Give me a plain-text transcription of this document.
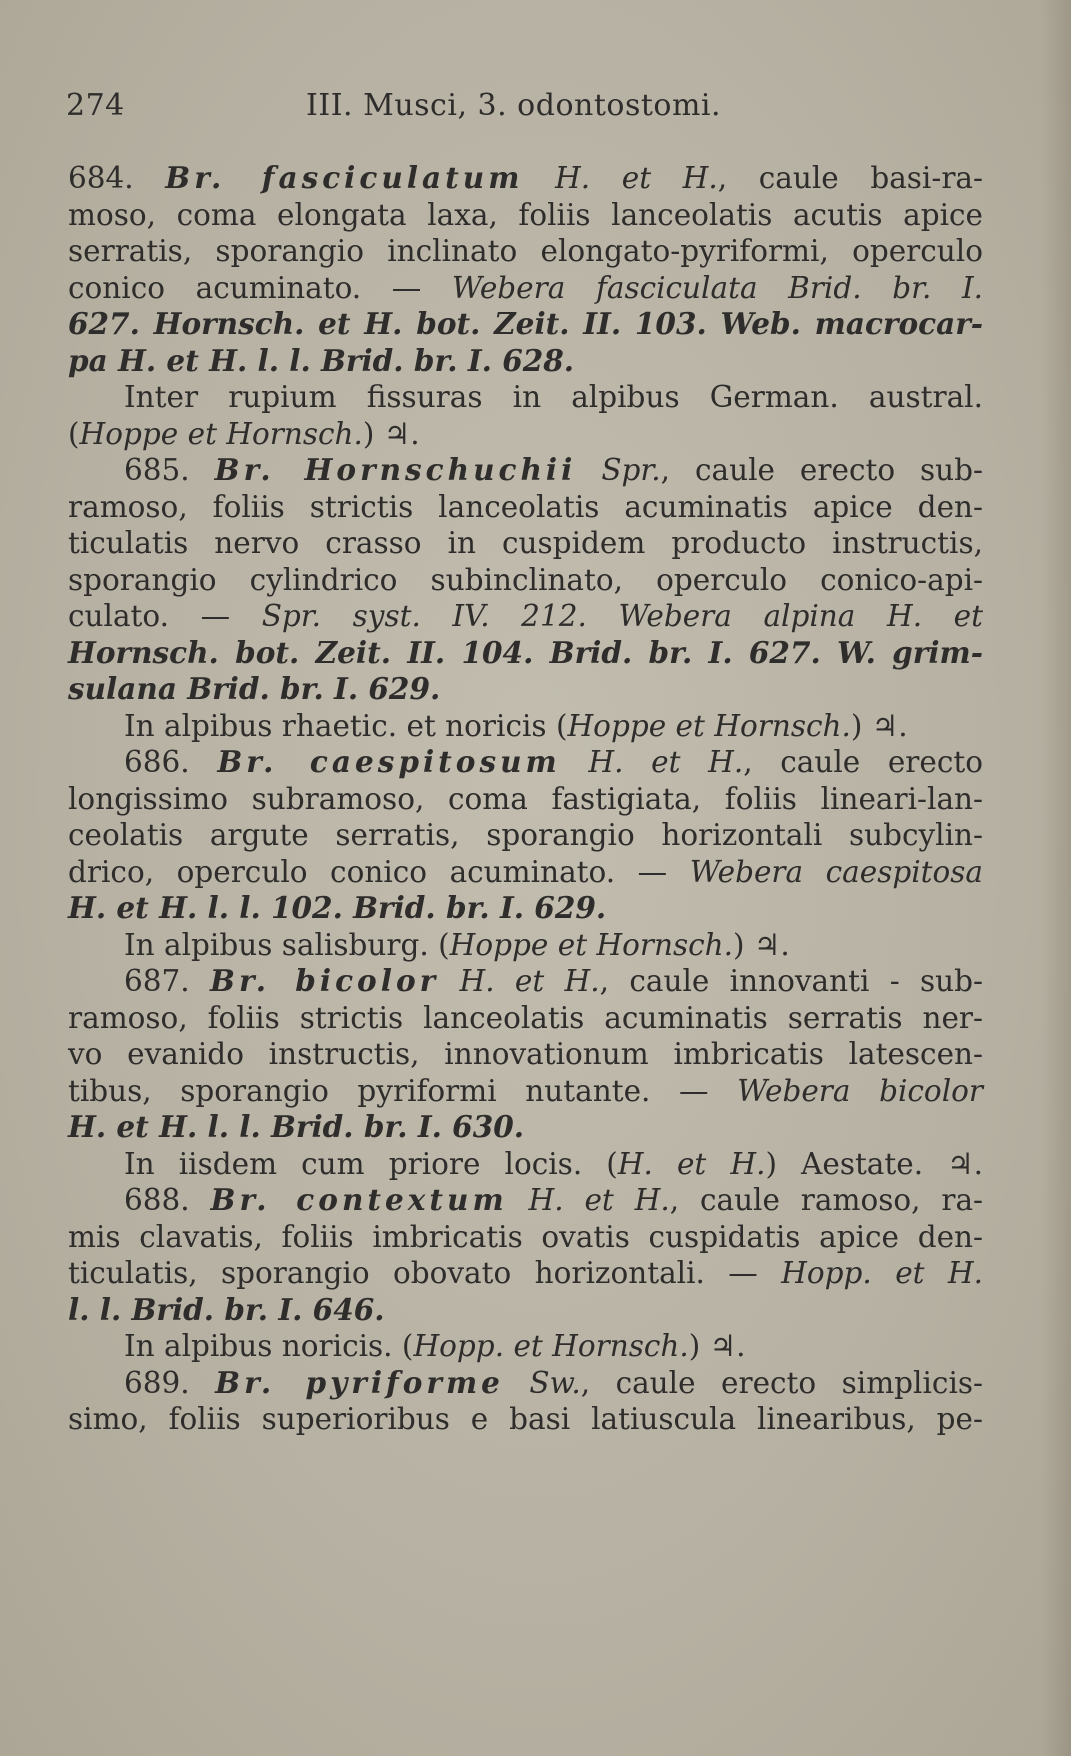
274	III. Musci, 3. odontostomi.
684. Br. fasciculatum H. et H., caule basi-ra-
moso, coma elongata laxa, foliis lanceolatis acutis apice
serratis, sporangio inclinato elongato-pyriformi, operculo
conico acuminato. — Webera fasciculata Brid. br. I.
627. Hornsch. et H. bot. Zeit. II. 103. Web. macrocar-
pa H. et H. l. l. Brid. br. I. 628.
Inter rupium fissuras in alpibus German. austral.
(Hoppe et Hornsch.) ♃.
685. Br. Hornschuchii Spr., caule erecto sub-
ramoso, foliis strictis lanceolatis acuminatis apice den-
ticulatis nervo crasso in cuspidem producto instructis,
sporangio cylindrico subinclinato, operculo conico-api-
culato. — Spr. syst. IV. 212. Webera alpina H. et
Hornsch. bot. Zeit. II. 104. Brid. br. I. 627. W. grim-
sulana Brid. br. I. 629.
In alpibus rhaetic. et noricis (Hoppe et Hornsch.) ♃.
686. Br. caespitosum H. et H., caule erecto
longissimo subramoso, coma fastigiata, foliis lineari-lan-
ceolatis argute serratis, sporangio horizontali subcylin-
drico, operculo conico acuminato. — Webera caespitosa
H. et H. l. l. 102. Brid. br. I. 629.
In alpibus salisburg. (Hoppe et Hornsch.) ♃.
687. Br. bicolor H. et H., caule innovanti - sub-
ramoso, foliis strictis lanceolatis acuminatis serratis ner-
vo evanido instructis, innovationum imbricatis latescen-
tibus, sporangio pyriformi nutante. — Webera bicolor
H. et H. l. l. Brid. br. I. 630.
In iisdem cum priore locis. (H. et H.) Aestate. ♃.
688. Br. contextum H. et H., caule ramoso, ra-
mis clavatis, foliis imbricatis ovatis cuspidatis apice den-
ticulatis, sporangio obovato horizontali. — Hopp. et H.
l. l. Brid. br. I. 646.
In alpibus noricis. (Hopp. et Hornsch.) ♃.
689. Br. pyriforme Sw., caule erecto simplicis-
simo, foliis superioribus e basi latiuscula linearibus, pe-
